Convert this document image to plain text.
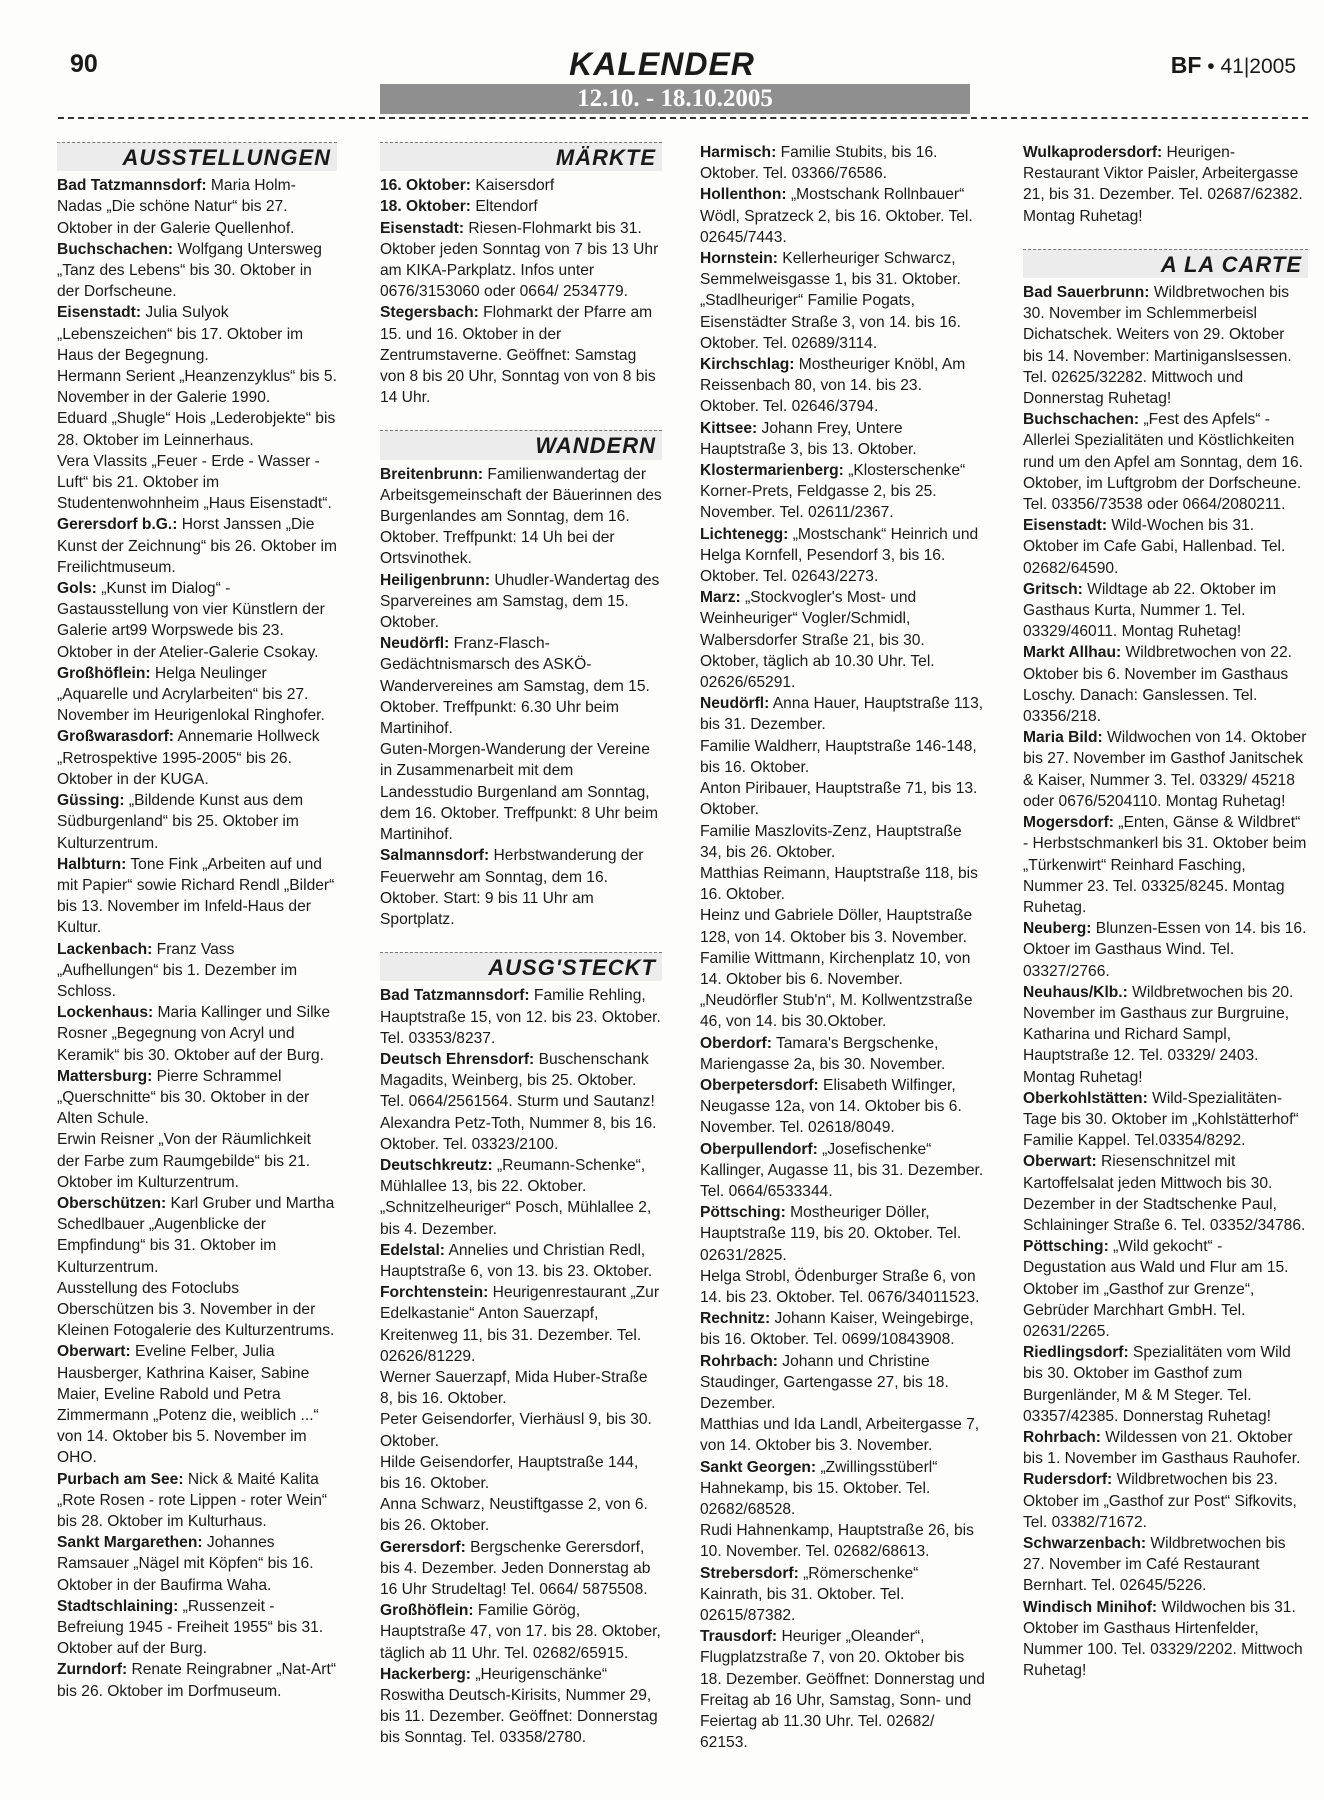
90	KALENDER	BF • 41|2005
12.10. - 18.10.2005
AUSSTELLUNGEN

Bad Tatzmannsdorf: Maria Holm-Nadas „Die schöne Natur“ bis 27. Oktober in der Galerie Quellenhof.

Buchschachen: Wolfgang Untersweg „Tanz des Lebens“ bis 30. Oktober in der Dorfscheune.

Eisenstadt: Julia Sulyok „Lebenszeichen“ bis 17. Oktober im Haus der Begegnung.

Hermann Serient „Heanzenzyklus“ bis 5. November in der Galerie 1990.

Eduard „Shugle“ Hois „Lederobjekte“ bis 28. Oktober im Leinnerhaus.

Vera Vlassits „Feuer - Erde - Wasser - Luft“ bis 21. Oktober im Studentenwohnheim „Haus Eisenstadt“.

Gerersdorf b.G.: Horst Janssen „Die Kunst der Zeichnung“ bis 26. Oktober im Freilichtmuseum.

Gols: „Kunst im Dialog“ - Gastausstellung von vier Künstlern der Galerie art99 Worpswede bis 23. Oktober in der Atelier-Galerie Csokay.

Großhöflein: Helga Neulinger „Aquarelle und Acrylarbeiten“ bis 27. November im Heurigenlokal Ringhofer.

Großwarasdorf: Annemarie Hollweck „Retrospektive 1995-2005“ bis 26. Oktober in der KUGA.

Güssing: „Bildende Kunst aus dem Südburgenland“ bis 25. Oktober im Kulturzentrum.

Halbturn: Tone Fink „Arbeiten auf und mit Papier“ sowie Richard Rendl „Bilder“ bis 13. November im Infeld-Haus der Kultur.

Lackenbach: Franz Vass „Aufhellungen“ bis 1. Dezember im Schloss.

Lockenhaus: Maria Kallinger und Silke Rosner „Begegnung von Acryl und Keramik“ bis 30. Oktober auf der Burg.

Mattersburg: Pierre Schrammel „Querschnitte“ bis 30. Oktober in der Alten Schule.

Erwin Reisner „Von der Räumlichkeit der Farbe zum Raumgebilde“ bis 21. Oktober im Kulturzentrum.

Oberschützen: Karl Gruber und Martha Schedlbauer „Augenblicke der Empfindung“ bis 31. Oktober im Kulturzentrum.

Ausstellung des Fotoclubs Oberschützen bis 3. November in der Kleinen Fotogalerie des Kulturzentrums.

Oberwart: Eveline Felber, Julia Hausberger, Kathrina Kaiser, Sabine Maier, Eveline Rabold und Petra Zimmermann „Potenz die, weiblich ...“ von 14. Oktober bis 5. November im OHO.

Purbach am See: Nick & Maité Kalita „Rote Rosen - rote Lippen - roter Wein“ bis 28. Oktober im Kulturhaus.

Sankt Margarethen: Johannes Ramsauer „Nägel mit Köpfen“ bis 16. Oktober in der Baufirma Waha.

Stadtschlaining: „Russenzeit - Befreiung 1945 - Freiheit 1955“ bis 31. Oktober auf der Burg.

Zurndorf: Renate Reingrabner „Nat-Art“ bis 26. Oktober im Dorfmuseum.

MÄRKTE

16. Oktober: Kaisersdorf

18. Oktober: Eltendorf

Eisenstadt: Riesen-Flohmarkt bis 31. Oktober jeden Sonntag von 7 bis 13 Uhr am KIKA-Parkplatz. Infos unter 0676/3153060 oder 0664/ 2534779.

Stegersbach: Flohmarkt der Pfarre am 15. und 16. Oktober in der Zentrumstaverne. Geöffnet: Samstag von 8 bis 20 Uhr, Sonntag von von 8 bis 14 Uhr.

WANDERN

Breitenbrunn: Familienwandertag der Arbeitsgemeinschaft der Bäuerinnen des Burgenlandes am Sonntag, dem 16. Oktober. Treffpunkt: 14 Uh bei der Ortsvinothek.

Heiligenbrunn: Uhudler-Wandertag des Sparvereines am Samstag, dem 15. Oktober.

Neudörfl: Franz-Flasch-Gedächtnismarsch des ASKÖ-Wandervereines am Samstag, dem 15. Oktober. Treffpunkt: 6.30 Uhr beim Martinihof.

Guten-Morgen-Wanderung der Vereine in Zusammenarbeit mit dem Landesstudio Burgenland am Sonntag, dem 16. Oktober. Treffpunkt: 8 Uhr beim Martinihof.

Salmannsdorf: Herbstwanderung der Feuerwehr am Sonntag, dem 16. Oktober. Start: 9 bis 11 Uhr am Sportplatz.

AUSG'STECKT

Bad Tatzmannsdorf: Familie Rehling, Hauptstraße 15, von 12. bis 23. Oktober. Tel. 03353/8237.

Deutsch Ehrensdorf: Buschenschank Magadits, Weinberg, bis 25. Oktober. Tel. 0664/2561564. Sturm und Sautanz!

Alexandra Petz-Toth, Nummer 8, bis 16. Oktober. Tel. 03323/2100.

Deutschkreutz: „Reumann-Schenke“, Mühlallee 13, bis 22. Oktober.

„Schnitzelheuriger“ Posch, Mühlallee 2, bis 4. Dezember.

Edelstal: Annelies und Christian Redl, Hauptstraße 6, von 13. bis 23. Oktober.

Forchtenstein: Heurigenrestaurant „Zur Edelkastanie“ Anton Sauerzapf, Kreitenweg 11, bis 31. Dezember. Tel. 02626/81229.

Werner Sauerzapf, Mida Huber-Straße 8, bis 16. Oktober.

Peter Geisendorfer, Vierhäusl 9, bis 30. Oktober.

Hilde Geisendorfer, Hauptstraße 144, bis 16. Oktober.

Anna Schwarz, Neustiftgasse 2, von 6. bis 26. Oktober.

Gerersdorf: Bergschenke Gerersdorf, bis 4. Dezember. Jeden Donnerstag ab 16 Uhr Strudeltag! Tel. 0664/ 5875508.

Großhöflein: Familie Görög, Hauptstraße 47, von 17. bis 28. Oktober, täglich ab 11 Uhr. Tel. 02682/65915.

Hackerberg: „Heurigenschänke“ Roswitha Deutsch-Kirisits, Nummer 29, bis 11. Dezember. Geöffnet: Donnerstag bis Sonntag. Tel. 03358/2780.

Harmisch: Familie Stubits, bis 16. Oktober. Tel. 03366/76586.

Hollenthon: „Mostschank Rollnbauer“ Wödl, Spratzeck 2, bis 16. Oktober. Tel. 02645/7443.

Hornstein: Kellerheuriger Schwarcz, Semmelweisgasse 1, bis 31. Oktober.

„Stadlheuriger“ Familie Pogats, Eisenstädter Straße 3, von 14. bis 16. Oktober. Tel. 02689/3114.

Kirchschlag: Mostheuriger Knöbl, Am Reissenbach 80, von 14. bis 23. Oktober. Tel. 02646/3794.

Kittsee: Johann Frey, Untere Hauptstraße 3, bis 13. Oktober.

Klostermarienberg: „Klosterschenke“ Korner-Prets, Feldgasse 2, bis 25. November. Tel. 02611/2367.

Lichtenegg: „Mostschank“ Heinrich und Helga Kornfell, Pesendorf 3, bis 16. Oktober. Tel. 02643/2273.

Marz: „Stockvogler's Most- und Weinheuriger“ Vogler/Schmidl, Walbersdorfer Straße 21, bis 30. Oktober, täglich ab 10.30 Uhr. Tel. 02626/65291.

Neudörfl: Anna Hauer, Hauptstraße 113, bis 31. Dezember.

Familie Waldherr, Hauptstraße 146-148, bis 16. Oktober.

Anton Piribauer, Hauptstraße 71, bis 13. Oktober.

Familie Maszlovits-Zenz, Hauptstraße 34, bis 26. Oktober.

Matthias Reimann, Hauptstraße 118, bis 16. Oktober.

Heinz und Gabriele Döller, Hauptstraße 128, von 14. Oktober bis 3. November.

Familie Wittmann, Kirchenplatz 10, von 14. Oktober bis 6. November.

„Neudörfler Stub'n“, M. Kollwentzstraße 46, von 14. bis 30.Oktober.

Oberdorf: Tamara's Bergschenke, Mariengasse 2a, bis 30. November.

Oberpetersdorf: Elisabeth Wilfinger, Neugasse 12a, von 14. Oktober bis 6. November. Tel. 02618/8049.

Oberpullendorf: „Josefischenke“ Kallinger, Augasse 11, bis 31. Dezember. Tel. 0664/6533344.

Pöttsching: Mostheuriger Döller, Hauptstraße 119, bis 20. Oktober. Tel. 02631/2825.

Helga Strobl, Ödenburger Straße 6, von 14. bis 23. Oktober. Tel. 0676/34011523.

Rechnitz: Johann Kaiser, Weingebirge, bis 16. Oktober. Tel. 0699/10843908.

Rohrbach: Johann und Christine Staudinger, Gartengasse 27, bis 18. Dezember.

Matthias und Ida Landl, Arbeitergasse 7, von 14. Oktober bis 3. November.

Sankt Georgen: „Zwillingsstüberl“ Hahnekamp, bis 15. Oktober. Tel. 02682/68528.

Rudi Hahnenkamp, Hauptstraße 26, bis 10. November. Tel. 02682/68613.

Strebersdorf: „Römerschenke“ Kainrath, bis 31. Oktober. Tel. 02615/87382.

Trausdorf: Heuriger „Oleander“, Flugplatzstraße 7, von 20. Oktober bis 18. Dezember. Geöffnet: Donnerstag und Freitag ab 16 Uhr, Samstag, Sonn- und Feiertag ab 11.30 Uhr. Tel. 02682/ 62153.

Wulkaprodersdorf: Heurigen-Restaurant Viktor Paisler, Arbeitergasse 21, bis 31. Dezember. Tel. 02687/62382. Montag Ruhetag!

A LA CARTE

Bad Sauerbrunn: Wildbretwochen bis 30. November im Schlemmerbeisl Dichatschek. Weiters von 29. Oktober bis 14. November: Martiniganslsessen. Tel. 02625/32282. Mittwoch und Donnerstag Ruhetag!

Buchschachen: „Fest des Apfels“ - Allerlei Spezialitäten und Köstlichkeiten rund um den Apfel am Sonntag, dem 16. Oktober, im Luftgrobm der Dorfscheune. Tel. 03356/73538 oder 0664/2080211.

Eisenstadt: Wild-Wochen bis 31. Oktober im Cafe Gabi, Hallenbad. Tel. 02682/64590.

Gritsch: Wildtage ab 22. Oktober im Gasthaus Kurta, Nummer 1. Tel. 03329/46011. Montag Ruhetag!

Markt Allhau: Wildbretwochen von 22. Oktober bis 6. November im Gasthaus Loschy. Danach: Ganslessen. Tel. 03356/218.

Maria Bild: Wildwochen von 14. Oktober bis 27. November im Gasthof Janitschek & Kaiser, Nummer 3. Tel. 03329/ 45218 oder 0676/5204110. Montag Ruhetag!

Mogersdorf: „Enten, Gänse & Wildbret“ - Herbstschmankerl bis 31. Oktober beim „Türkenwirt“ Reinhard Fasching, Nummer 23. Tel. 03325/8245. Montag Ruhetag.

Neuberg: Blunzen-Essen von 14. bis 16. Oktoer im Gasthaus Wind. Tel. 03327/2766.

Neuhaus/Klb.: Wildbretwochen bis 20. November im Gasthaus zur Burgruine, Katharina und Richard Sampl, Hauptstraße 12. Tel. 03329/ 2403. Montag Ruhetag!

Oberkohlstätten: Wild-Spezialitäten-Tage bis 30. Oktober im „Kohlstätterhof“ Familie Kappel. Tel.03354/8292.

Oberwart: Riesenschnitzel mit Kartoffelsalat jeden Mittwoch bis 30. Dezember in der Stadtschenke Paul, Schlaininger Straße 6. Tel. 03352/34786.

Pöttsching: „Wild gekocht“ - Degustation aus Wald und Flur am 15. Oktober im „Gasthof zur Grenze“, Gebrüder Marchhart GmbH. Tel. 02631/2265.

Riedlingsdorf: Spezialitäten vom Wild bis 30. Oktober im Gasthof zum Burgenländer, M & M Steger. Tel. 03357/42385. Donnerstag Ruhetag!

Rohrbach: Wildessen von 21. Oktober bis 1. November im Gasthaus Rauhofer.

Rudersdorf: Wildbretwochen bis 23. Oktober im „Gasthof zur Post“ Sifkovits, Tel. 03382/71672.

Schwarzenbach: Wildbretwochen bis 27. November im Café Restaurant Bernhart. Tel. 02645/5226.

Windisch Minihof: Wildwochen bis 31. Oktober im Gasthaus Hirtenfelder, Nummer 100. Tel. 03329/2202. Mittwoch Ruhetag!
